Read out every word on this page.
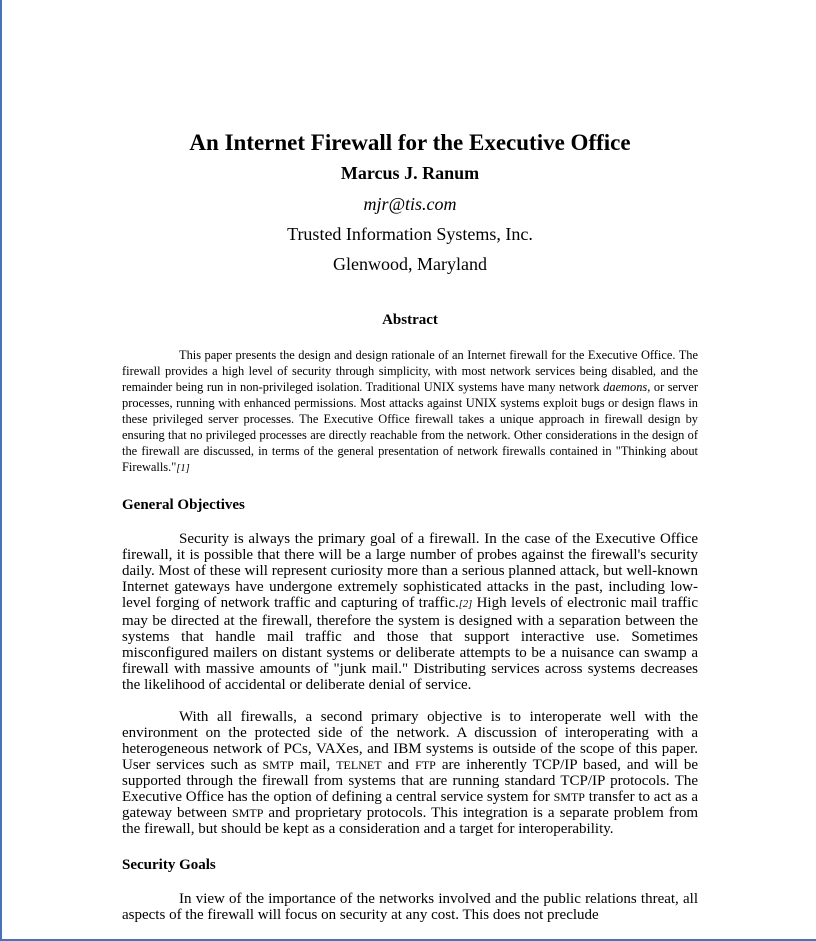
An Internet Firewall for the Executive Office
Marcus J. Ranum
mjr@tis.com
Trusted Information Systems, Inc.
Glenwood, Maryland
Abstract

This paper presents the design and design rationale of an Internet firewall for the Executive Office. The firewall provides a high level of security through simplicity, with most network services being disabled, and the remainder being run in non-privileged isolation. Traditional UNIX systems have many network daemons, or server processes, running with enhanced permissions. Most attacks against UNIX systems exploit bugs or design flaws in these privileged server processes. The Executive Office firewall takes a unique approach in firewall design by ensuring that no privileged processes are directly reachable from the network. Other considerations in the design of the firewall are discussed, in terms of the general presentation of network firewalls contained in "Thinking about Firewalls."[1]

General Objectives

Security is always the primary goal of a firewall. In the case of the Executive Office firewall, it is possible that there will be a large number of probes against the firewall's security daily. Most of these will represent curiosity more than a serious planned attack, but well-known Internet gateways have undergone extremely sophisticated attacks in the past, including low-level forging of network traffic and capturing of traffic.[2] High levels of electronic mail traffic may be directed at the firewall, therefore the system is designed with a separation between the systems that handle mail traffic and those that support interactive use. Sometimes misconfigured mailers on distant systems or deliberate attempts to be a nuisance can swamp a firewall with massive amounts of "junk mail." Distributing services across systems decreases the likelihood of accidental or deliberate denial of service.

With all firewalls, a second primary objective is to interoperate well with the environment on the protected side of the network. A discussion of interoperating with a heterogeneous network of PCs, VAXes, and IBM systems is outside of the scope of this paper. User services such as SMTP mail, TELNET and FTP are inherently TCP/IP based, and will be supported through the firewall from systems that are running standard TCP/IP protocols. The Executive Office has the option of defining a central service system for SMTP transfer to act as a gateway between SMTP and proprietary protocols. This integration is a separate problem from the firewall, but should be kept as a consideration and a target for interoperability.

Security Goals

In view of the importance of the networks involved and the public relations threat, all aspects of the firewall will focus on security at any cost. This does not preclude
